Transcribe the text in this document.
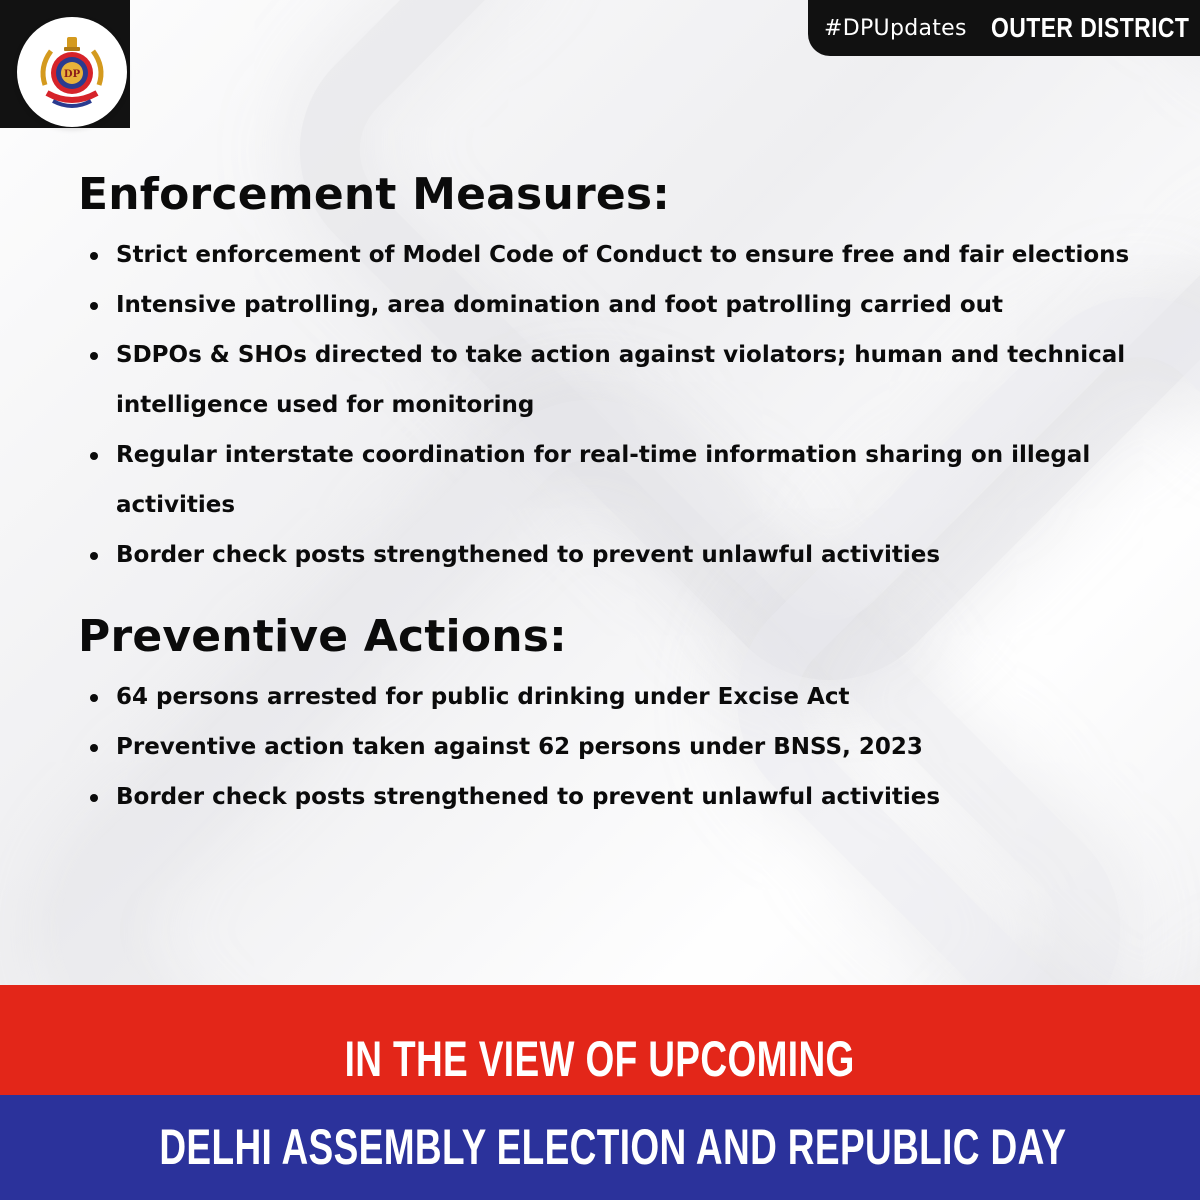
DP
#DPUpdates OUTER DISTRICT
Enforcement Measures:
Strict enforcement of Model Code of Conduct to ensure free and fair elections
Intensive patrolling, area domination and foot patrolling carried out
SDPOs & SHOs directed to take action against violators; human and technical intelligence used for monitoring
Regular interstate coordination for real-time information sharing on illegal activities
Border check posts strengthened to prevent unlawful activities
Preventive Actions:
64 persons arrested for public drinking under Excise Act
Preventive action taken against 62 persons under BNSS, 2023
Border check posts strengthened to prevent unlawful activities
IN THE VIEW OF UPCOMING
DELHI ASSEMBLY ELECTION AND REPUBLIC DAY
